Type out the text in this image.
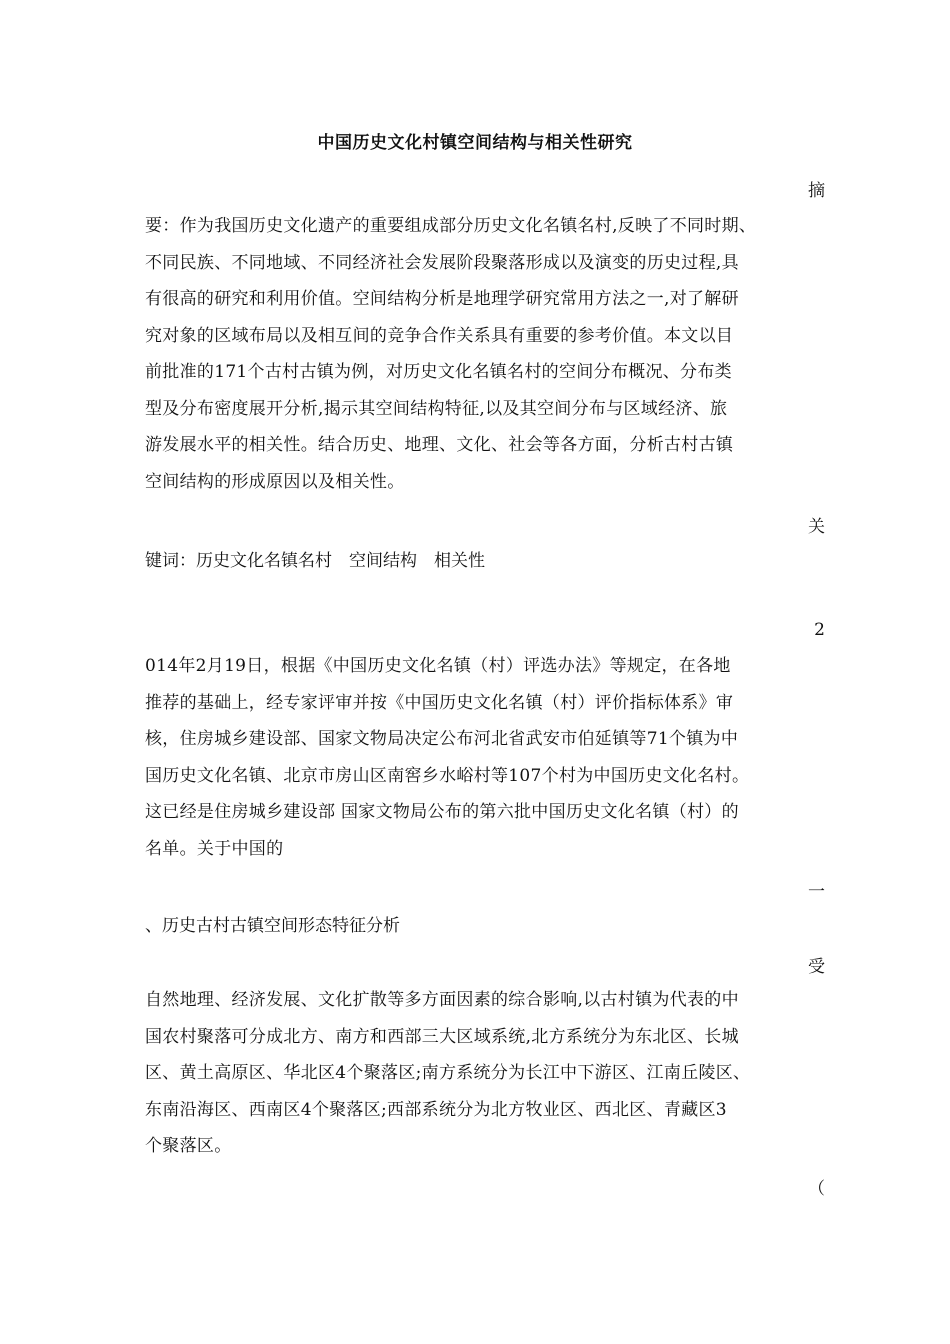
中国历史文化村镇空间结构与相关性研究
摘
要：作为我国历史文化遗产的重要组成部分历史文化名镇名村,反映了不同时期、
不同民族、不同地域、不同经济社会发展阶段聚落形成以及演变的历史过程,具
有很高的研究和利用价值。空间结构分析是地理学研究常用方法之一,对了解研
究对象的区域布局以及相互间的竞争合作关系具有重要的参考价值。本文以目
前批准的171个古村古镇为例，对历史文化名镇名村的空间分布概况、分布类
型及分布密度展开分析,揭示其空间结构特征,以及其空间分布与区域经济、旅
游发展水平的相关性。结合历史、地理、文化、社会等各方面，分析古村古镇
空间结构的形成原因以及相关性。
关
键词：历史文化名镇名村　空间结构　相关性
2
014年2月19日，根据《中国历史文化名镇（村）评选办法》等规定，在各地
推荐的基础上，经专家评审并按《中国历史文化名镇（村）评价指标体系》审
核，住房城乡建设部、国家文物局决定公布河北省武安市伯延镇等71个镇为中
国历史文化名镇、北京市房山区南窖乡水峪村等107个村为中国历史文化名村。
这已经是住房城乡建设部 国家文物局公布的第六批中国历史文化名镇（村）的
名单。关于中国的
一
、历史古村古镇空间形态特征分析
受
自然地理、经济发展、文化扩散等多方面因素的综合影响,以古村镇为代表的中
国农村聚落可分成北方、南方和西部三大区域系统,北方系统分为东北区、长城
区、黄土高原区、华北区4个聚落区;南方系统分为长江中下游区、江南丘陵区、
东南沿海区、西南区4个聚落区;西部系统分为北方牧业区、西北区、青藏区3
个聚落区。
（
